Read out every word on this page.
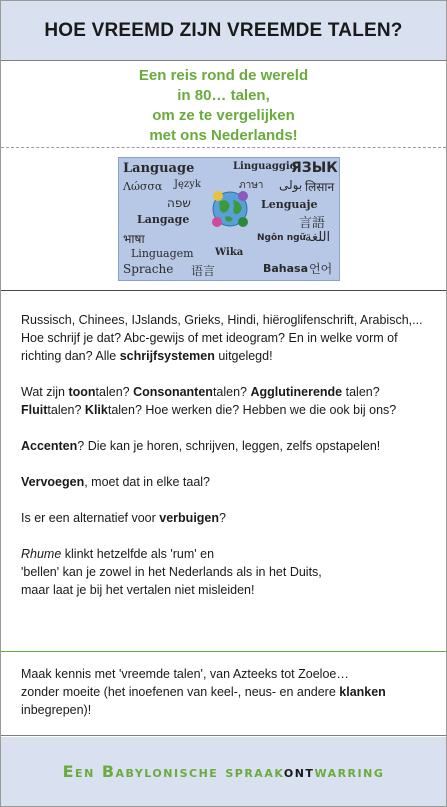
HOE VREEMD ZIJN VREEMDE TALEN?
Een reis rond de wereld
in 80… talen,
om ze te vergelijken
met ons Nederlands!
Language	Linguaggio
ЯЗЫК
Λώσσα Język	ภาษา بولی लिसान
שפה	Lenguaje
Langage
भाषा
言語
Ngôn ngữ اللغة
Linguagem Wika
Sprache 语言	Bahasa 언어

Russisch, Chinees, IJslands, Grieks, Hindi, hiëroglifenschrift, Arabisch,...
Hoe schrijf je dat? Abc-gewijs of met ideogram? En in welke vorm of richting dan? Alle schrijfsystemen uitgelegd!

Wat zijn toontalen? Consonantentalen? Agglutinerende talen? Fluittalen? Kliktalen? Hoe werken die? Hebben we die ook bij ons?

Accenten? Die kan je horen, schrijven, leggen, zelfs opstapelen!

Vervoegen, moet dat in elke taal?

Is er een alternatief voor verbuigen?

Rhume klinkt hetzelfde als 'rum' en
'bellen' kan je zowel in het Nederlands als in het Duits,
maar laat je bij het vertalen niet misleiden!

Maak kennis met 'vreemde talen', van Azteeks tot Zoeloe…
zonder moeite (het inoefenen van keel-, neus- en andere klanken inbegrepen)!

Een Babylonische spraakontwarring
